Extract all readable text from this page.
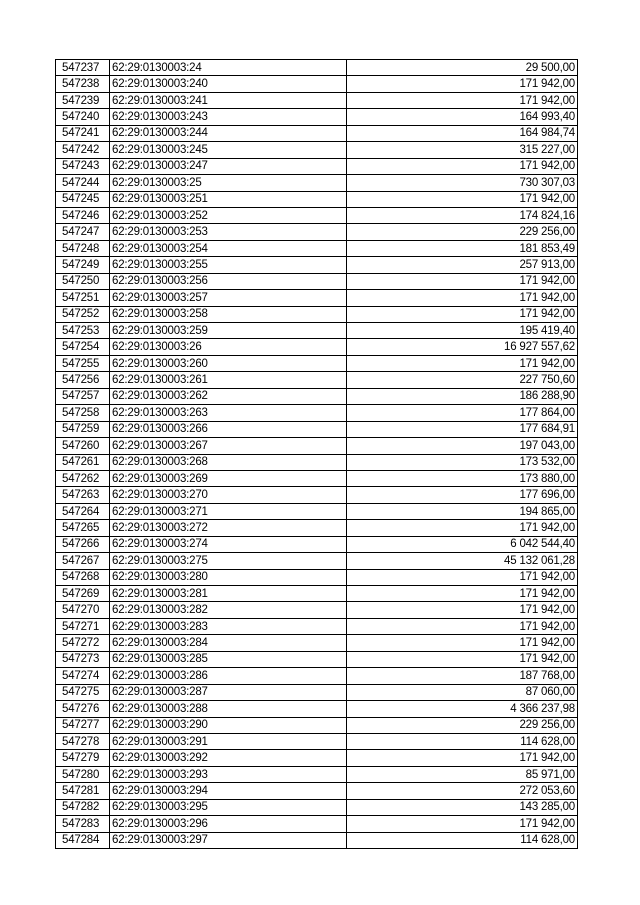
547237	62:29:0130003:24	29 500,00
547238	62:29:0130003:240	171 942,00
547239	62:29:0130003:241	171 942,00
547240	62:29:0130003:243	164 993,40
547241	62:29:0130003:244	164 984,74
547242	62:29:0130003:245	315 227,00
547243	62:29:0130003:247	171 942,00
547244	62:29:0130003:25	730 307,03
547245	62:29:0130003:251	171 942,00
547246	62:29:0130003:252	174 824,16
547247	62:29:0130003:253	229 256,00
547248	62:29:0130003:254	181 853,49
547249	62:29:0130003:255	257 913,00
547250	62:29:0130003:256	171 942,00
547251	62:29:0130003:257	171 942,00
547252	62:29:0130003:258	171 942,00
547253	62:29:0130003:259	195 419,40
547254	62:29:0130003:26	16 927 557,62
547255	62:29:0130003:260	171 942,00
547256	62:29:0130003:261	227 750,60
547257	62:29:0130003:262	186 288,90
547258	62:29:0130003:263	177 864,00
547259	62:29:0130003:266	177 684,91
547260	62:29:0130003:267	197 043,00
547261	62:29:0130003:268	173 532,00
547262	62:29:0130003:269	173 880,00
547263	62:29:0130003:270	177 696,00
547264	62:29:0130003:271	194 865,00
547265	62:29:0130003:272	171 942,00
547266	62:29:0130003:274	6 042 544,40
547267	62:29:0130003:275	45 132 061,28
547268	62:29:0130003:280	171 942,00
547269	62:29:0130003:281	171 942,00
547270	62:29:0130003:282	171 942,00
547271	62:29:0130003:283	171 942,00
547272	62:29:0130003:284	171 942,00
547273	62:29:0130003:285	171 942,00
547274	62:29:0130003:286	187 768,00
547275	62:29:0130003:287	87 060,00
547276	62:29:0130003:288	4 366 237,98
547277	62:29:0130003:290	229 256,00
547278	62:29:0130003:291	114 628,00
547279	62:29:0130003:292	171 942,00
547280	62:29:0130003:293	85 971,00
547281	62:29:0130003:294	272 053,60
547282	62:29:0130003:295	143 285,00
547283	62:29:0130003:296	171 942,00
547284	62:29:0130003:297	114 628,00
